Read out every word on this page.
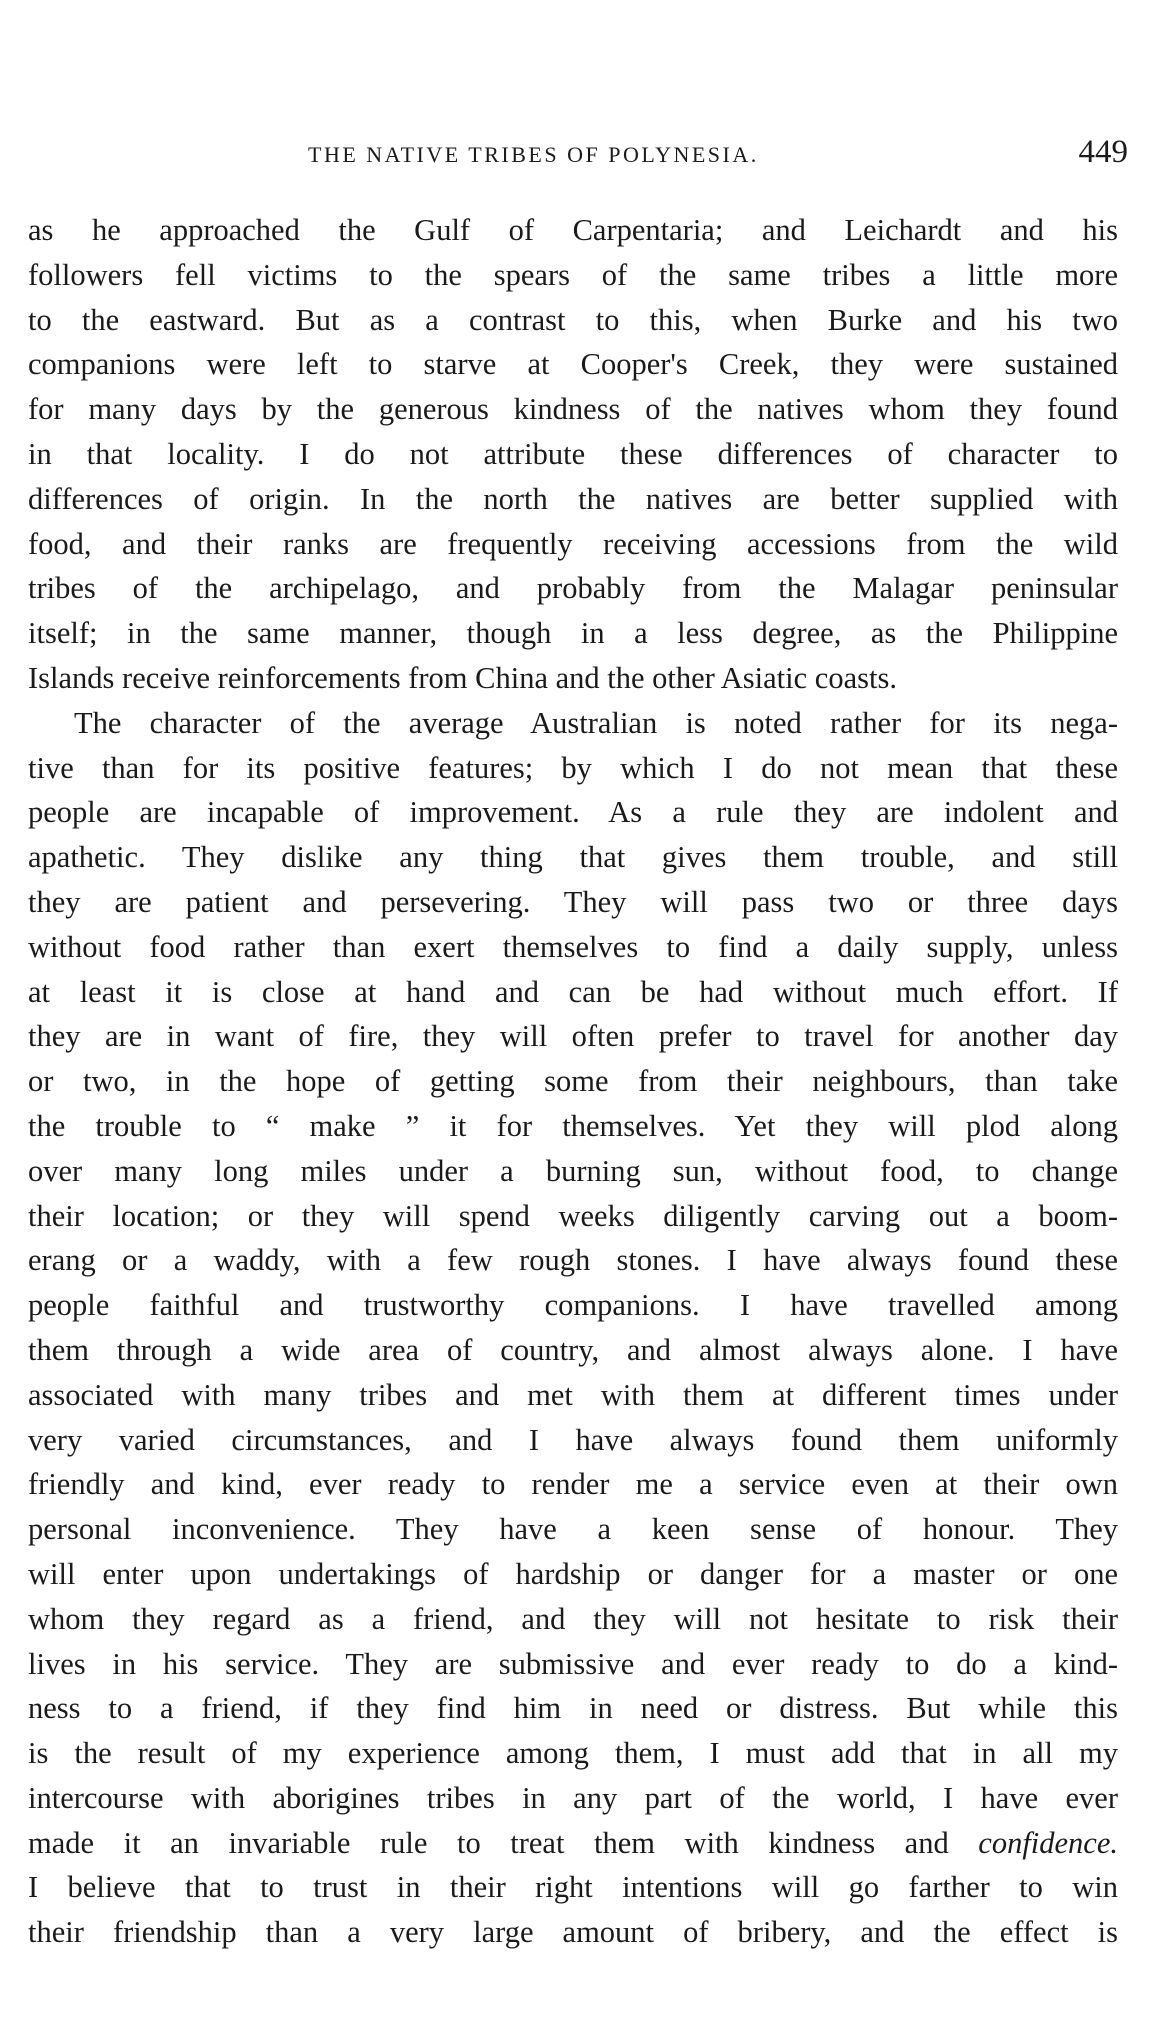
THE NATIVE TRIBES OF POLYNESIA.	449
as he approached the Gulf of Carpentaria; and Leichardt and his
followers fell victims to the spears of the same tribes a little more
to the eastward. But as a contrast to this, when Burke and his two
companions were left to starve at Cooper's Creek, they were sustained
for many days by the generous kindness of the natives whom they found
in that locality. I do not attribute these differences of character to
differences of origin. In the north the natives are better supplied with
food, and their ranks are frequently receiving accessions from the wild
tribes of the archipelago, and probably from the Malagar peninsular
itself; in the same manner, though in a less degree, as the Philippine
Islands receive reinforcements from China and the other Asiatic coasts.
The character of the average Australian is noted rather for its nega-
tive than for its positive features; by which I do not mean that these
people are incapable of improvement. As a rule they are indolent and
apathetic. They dislike any thing that gives them trouble, and still
they are patient and persevering. They will pass two or three days
without food rather than exert themselves to find a daily supply, unless
at least it is close at hand and can be had without much effort. If
they are in want of fire, they will often prefer to travel for another day
or two, in the hope of getting some from their neighbours, than take
the trouble to “ make ” it for themselves. Yet they will plod along
over many long miles under a burning sun, without food, to change
their location; or they will spend weeks diligently carving out a boom-
erang or a waddy, with a few rough stones. I have always found these
people faithful and trustworthy companions. I have travelled among
them through a wide area of country, and almost always alone. I have
associated with many tribes and met with them at different times under
very varied circumstances, and I have always found them uniformly
friendly and kind, ever ready to render me a service even at their own
personal inconvenience. They have a keen sense of honour. They
will enter upon undertakings of hardship or danger for a master or one
whom they regard as a friend, and they will not hesitate to risk their
lives in his service. They are submissive and ever ready to do a kind-
ness to a friend, if they find him in need or distress. But while this
is the result of my experience among them, I must add that in all my
intercourse with aborigines tribes in any part of the world, I have ever
made it an invariable rule to treat them with kindness and confidence.
I believe that to trust in their right intentions will go farther to win
their friendship than a very large amount of bribery, and the effect is
